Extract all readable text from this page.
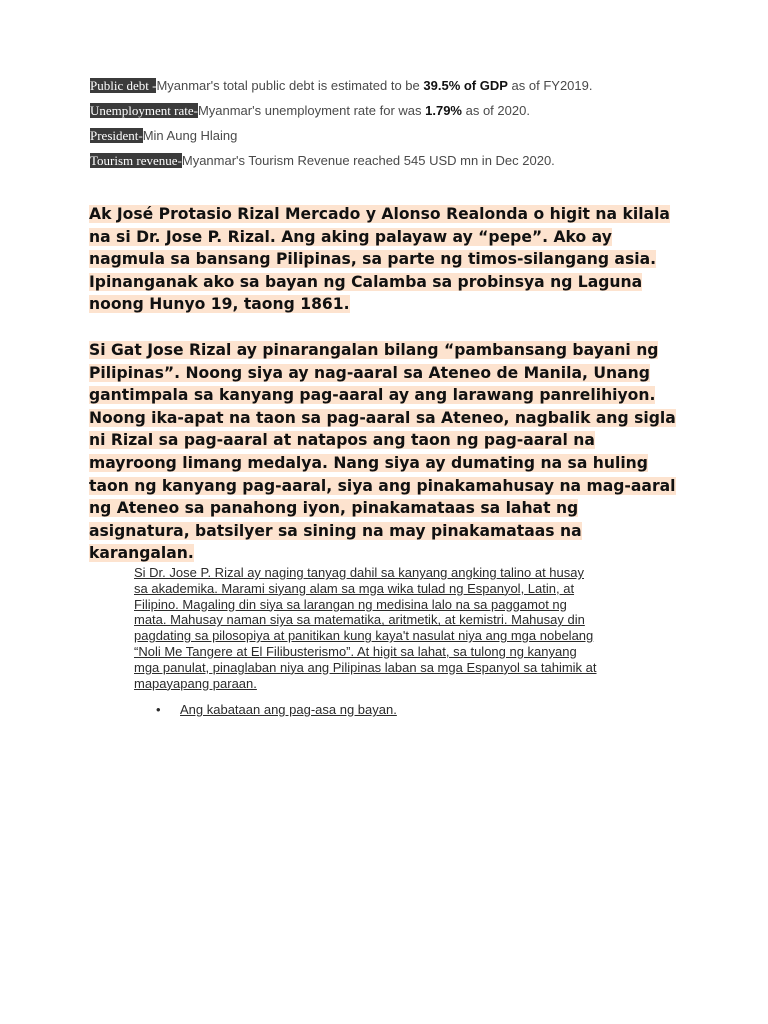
Public debt -Myanmar's total public debt is estimated to be 39.5% of GDP as of FY2019.

Unemployment rate-Myanmar's unemployment rate for was 1.79% as of 2020.

President-Min Aung Hlaing

Tourism revenue-Myanmar's Tourism Revenue reached 545 USD mn in Dec 2020.

Ak José Protasio Rizal Mercado y Alonso Realonda o higit na kilala na si Dr. Jose P. Rizal. Ang aking palayaw ay “pepe”. Ako ay nagmula sa bansang Pilipinas, sa parte ng timos-silangang asia. Ipinanganak ako sa bayan ng Calamba sa probinsya ng Laguna noong Hunyo 19, taong 1861.

Si Gat Jose Rizal ay pinarangalan bilang “pambansang bayani ng Pilipinas”. Noong siya ay nag-aaral sa Ateneo de Manila, Unang gantimpala sa kanyang pag-aaral ay ang larawang panrelihiyon. Noong ika-apat na taon sa pag-aaral sa Ateneo, nagbalik ang sigla ni Rizal sa pag-aaral at natapos ang taon ng pag-aaral na mayroong limang medalya. Nang siya ay dumating na sa huling taon ng kanyang pag-aaral, siya ang pinakamahusay na mag-aaral ng Ateneo sa panahong iyon, pinakamataas sa lahat ng asignatura, batsilyer sa sining na may pinakamataas na karangalan.

Si Dr. Jose P. Rizal ay naging tanyag dahil sa kanyang angking talino at husay
sa akademika. Marami siyang alam sa mga wika tulad ng Espanyol, Latin, at
Filipino. Magaling din siya sa larangan ng medisina lalo na sa paggamot ng
mata. Mahusay naman siya sa matematika, aritmetik, at kemistri. Mahusay din
pagdating sa pilosopiya at panitikan kung kaya't nasulat niya ang mga nobelang
“Noli Me Tangere at El Filibusterismo”. At higit sa lahat, sa tulong ng kanyang
mga panulat, pinaglaban niya ang Pilipinas laban sa mga Espanyol sa tahimik at
mapayapang paraan.
• Ang kabataan ang pag-asa ng bayan.
